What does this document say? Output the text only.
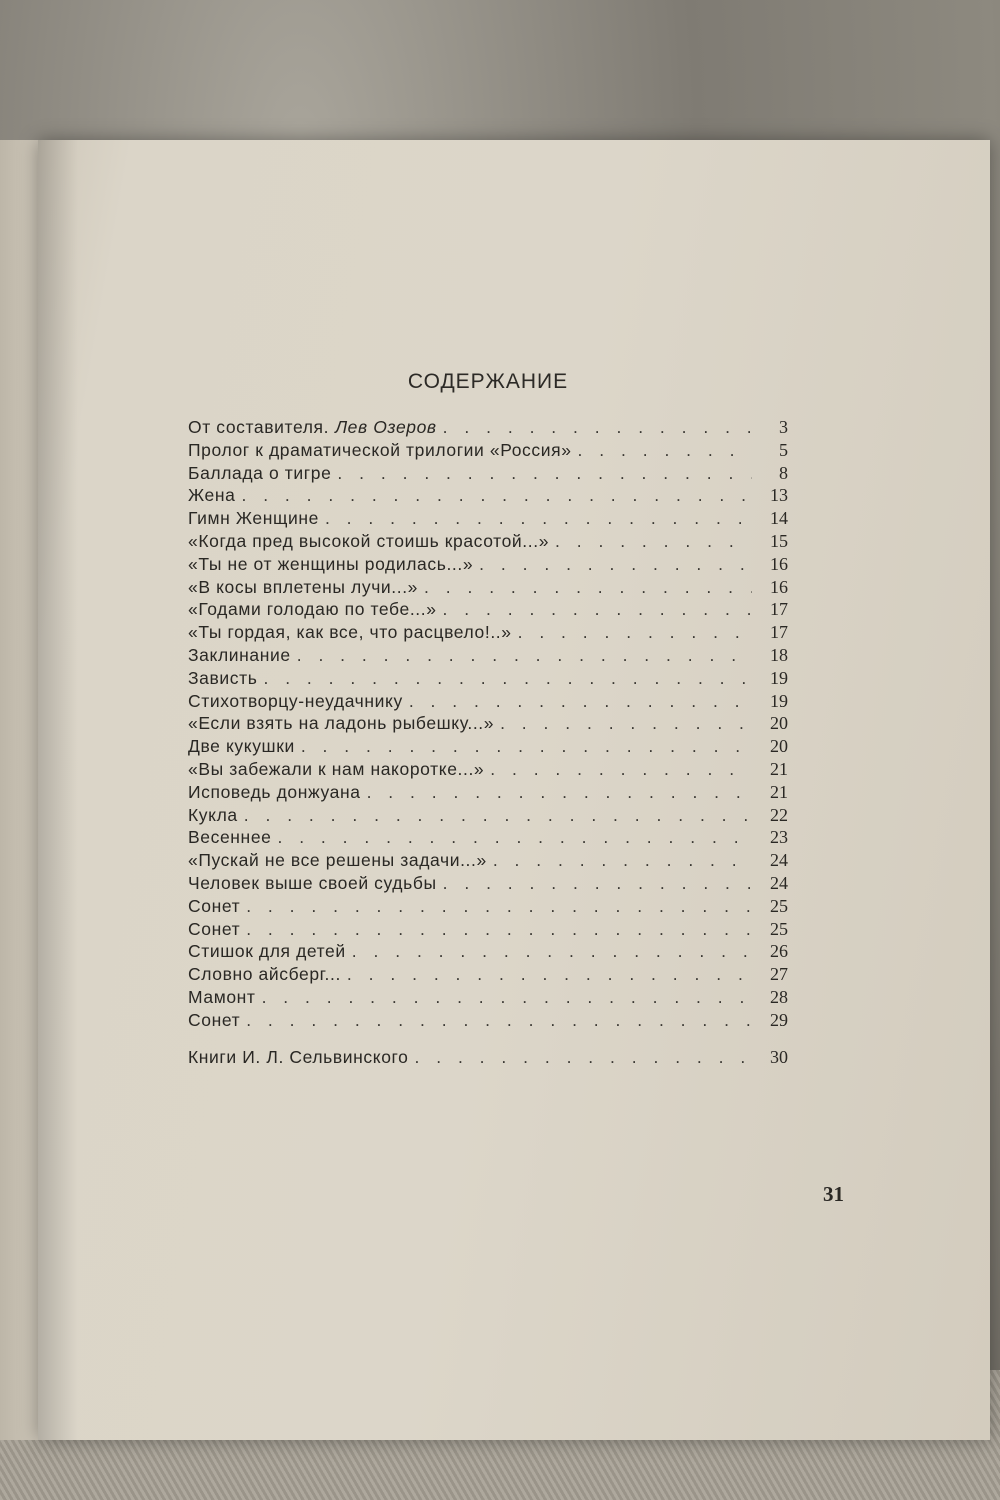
СОДЕРЖАНИЕ
От составителя. Лев Озеров . . .	3
Пролог к драматической трилогии «Россия» . . .	5
Баллада о тигре . . .	8
Жена . . .	13
Гимн Женщине . . .	14
«Когда пред высокой стоишь красотой...» . . .	15
«Ты не от женщины родилась...» . . .	16
«В косы вплетены лучи...» . . .	16
«Годами голодаю по тебе...» . . .	17
«Ты гордая, как все, что расцвело!..» . . .	17
Заклинание . . .	18
Зависть . . .	19
Стихотворцу-неудачнику . . .	19
«Если взять на ладонь рыбешку...» . . .	20
Две кукушки . . .	20
«Вы забежали к нам накоротке...» . . .	21
Исповедь донжуана . . .	21
Кукла . . .	22
Весеннее . . .	23
«Пускай не все решены задачи...» . . .	24
Человек выше своей судьбы . . .	24
Сонет . . .	25
Сонет . . .	25
Стишок для детей . . .	26
Словно айсберг... . . .	27
Мамонт . . .	28
Сонет . . .	29
Книги И. Л. Сельвинского . . .	30
31
